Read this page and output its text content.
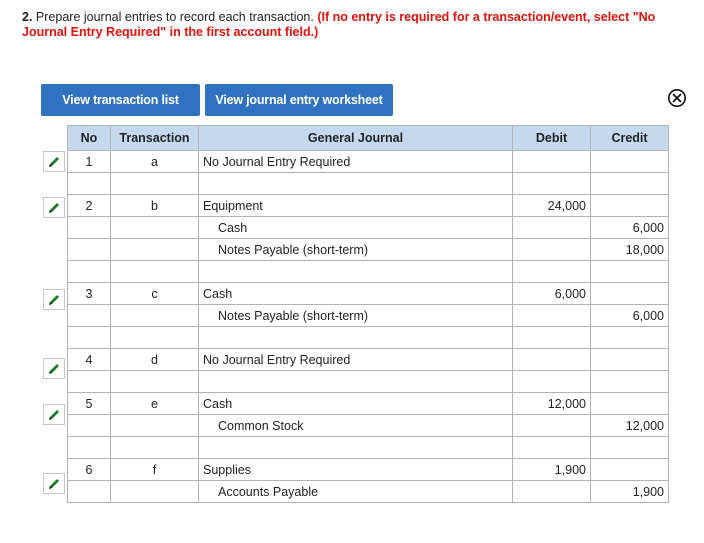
2. Prepare journal entries to record each transaction. (If no entry is required for a transaction/event, select "No Journal Entry Required" in the first account field.)
View transaction list	View journal entry worksheet
No	Transaction	General Journal	Debit	Credit
1	a	No Journal Entry Required		

2	b	Equipment	24,000	
		Cash		6,000
		Notes Payable (short-term)		18,000

3	c	Cash	6,000	
		Notes Payable (short-term)		6,000

4	d	No Journal Entry Required		

5	e	Cash	12,000	
		Common Stock		12,000

6	f	Supplies	1,900	
		Accounts Payable		1,900
